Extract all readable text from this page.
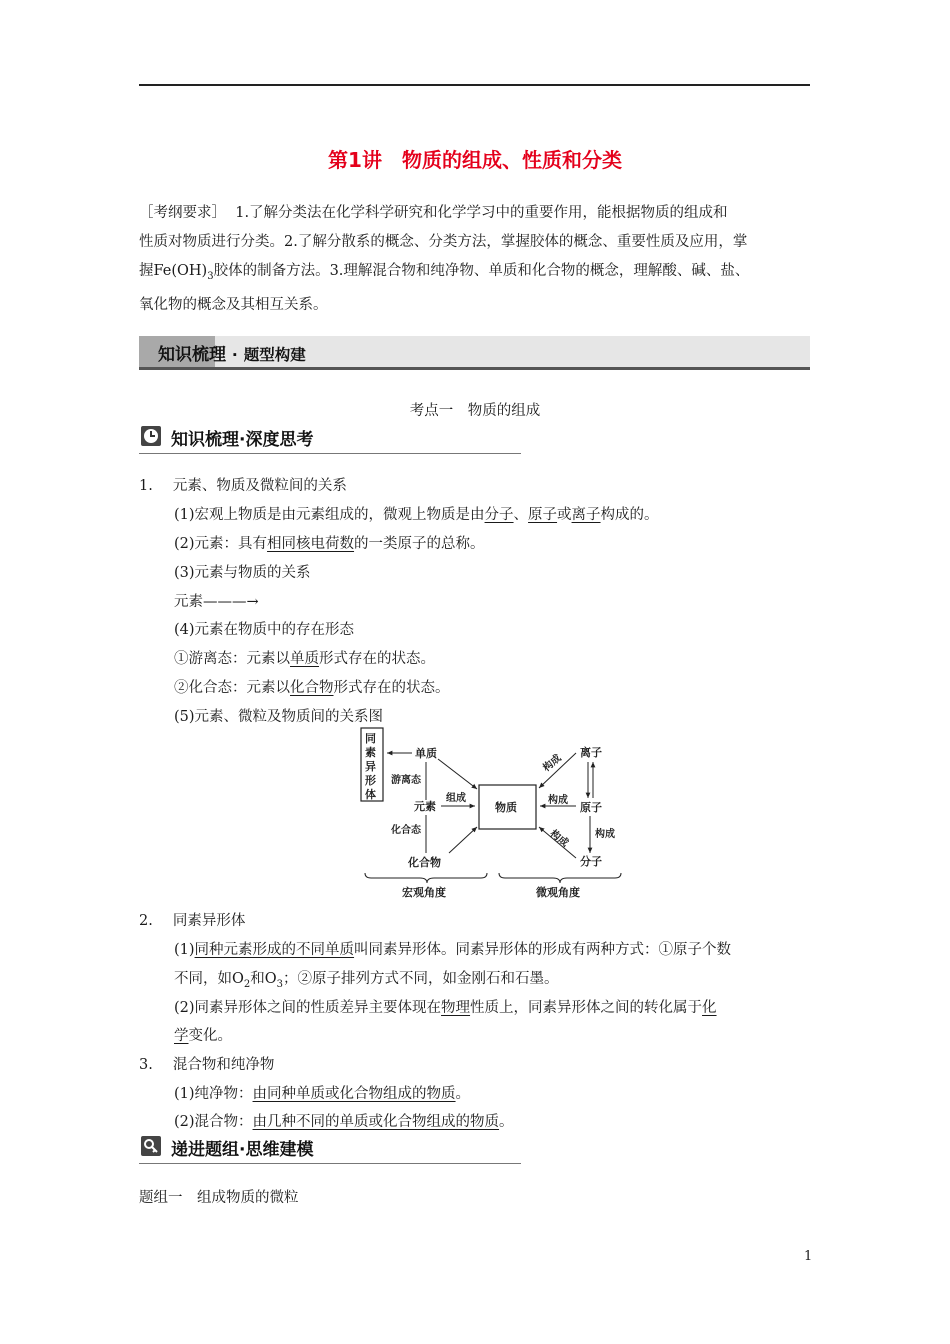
第1讲　物质的组成、性质和分类
［考纲要求］ 1.了解分类法在化学科学研究和化学学习中的重要作用，能根据物质的组成和
性质对物质进行分类。2.了解分散系的概念、分类方法，掌握胶体的概念、重要性质及应用，掌
握$Fe(OH)_3$胶体的制备方法。3.理解混合物和纯净物、单质和化合物的概念，理解酸、碱、盐、
氧化物的概念及其相互关系。
知识梳理 · 题型构建
考点一　物质的组成
知识梳理·深度思考
1. 元素、物质及微粒间的关系
(1)宏观上物质是由元素组成的，微观上物质是由分子、原子或离子构成的。
(2)元素：具有相同核电荷数的一类原子的总称。
(3)元素与物质的关系
元素———→
(4)元素在物质中的存在形态
①游离态：元素以单质形式存在的状态。
②化合态：元素以化合物形式存在的状态。
(5)元素、微粒及物质间的关系图
同
素
异
形
体
单质
游离态
元素
化合态
化合物
组成
物质
离子
原子
分子
构成
构成
构成
构成
宏观角度	微观角度
2. 同素异形体
(1)同种元素形成的不同单质叫同素异形体。同素异形体的形成有两种方式：①原子个数
不同，如$O_2$和$O_3$；②原子排列方式不同，如金刚石和石墨。
(2)同素异形体之间的性质差异主要体现在物理性质上，同素异形体之间的转化属于化
学变化。
3. 混合物和纯净物
(1)纯净物：由同种单质或化合物组成的物质。
(2)混合物：由几种不同的单质或化合物组成的物质。
递进题组·思维建模
题组一　组成物质的微粒
1
